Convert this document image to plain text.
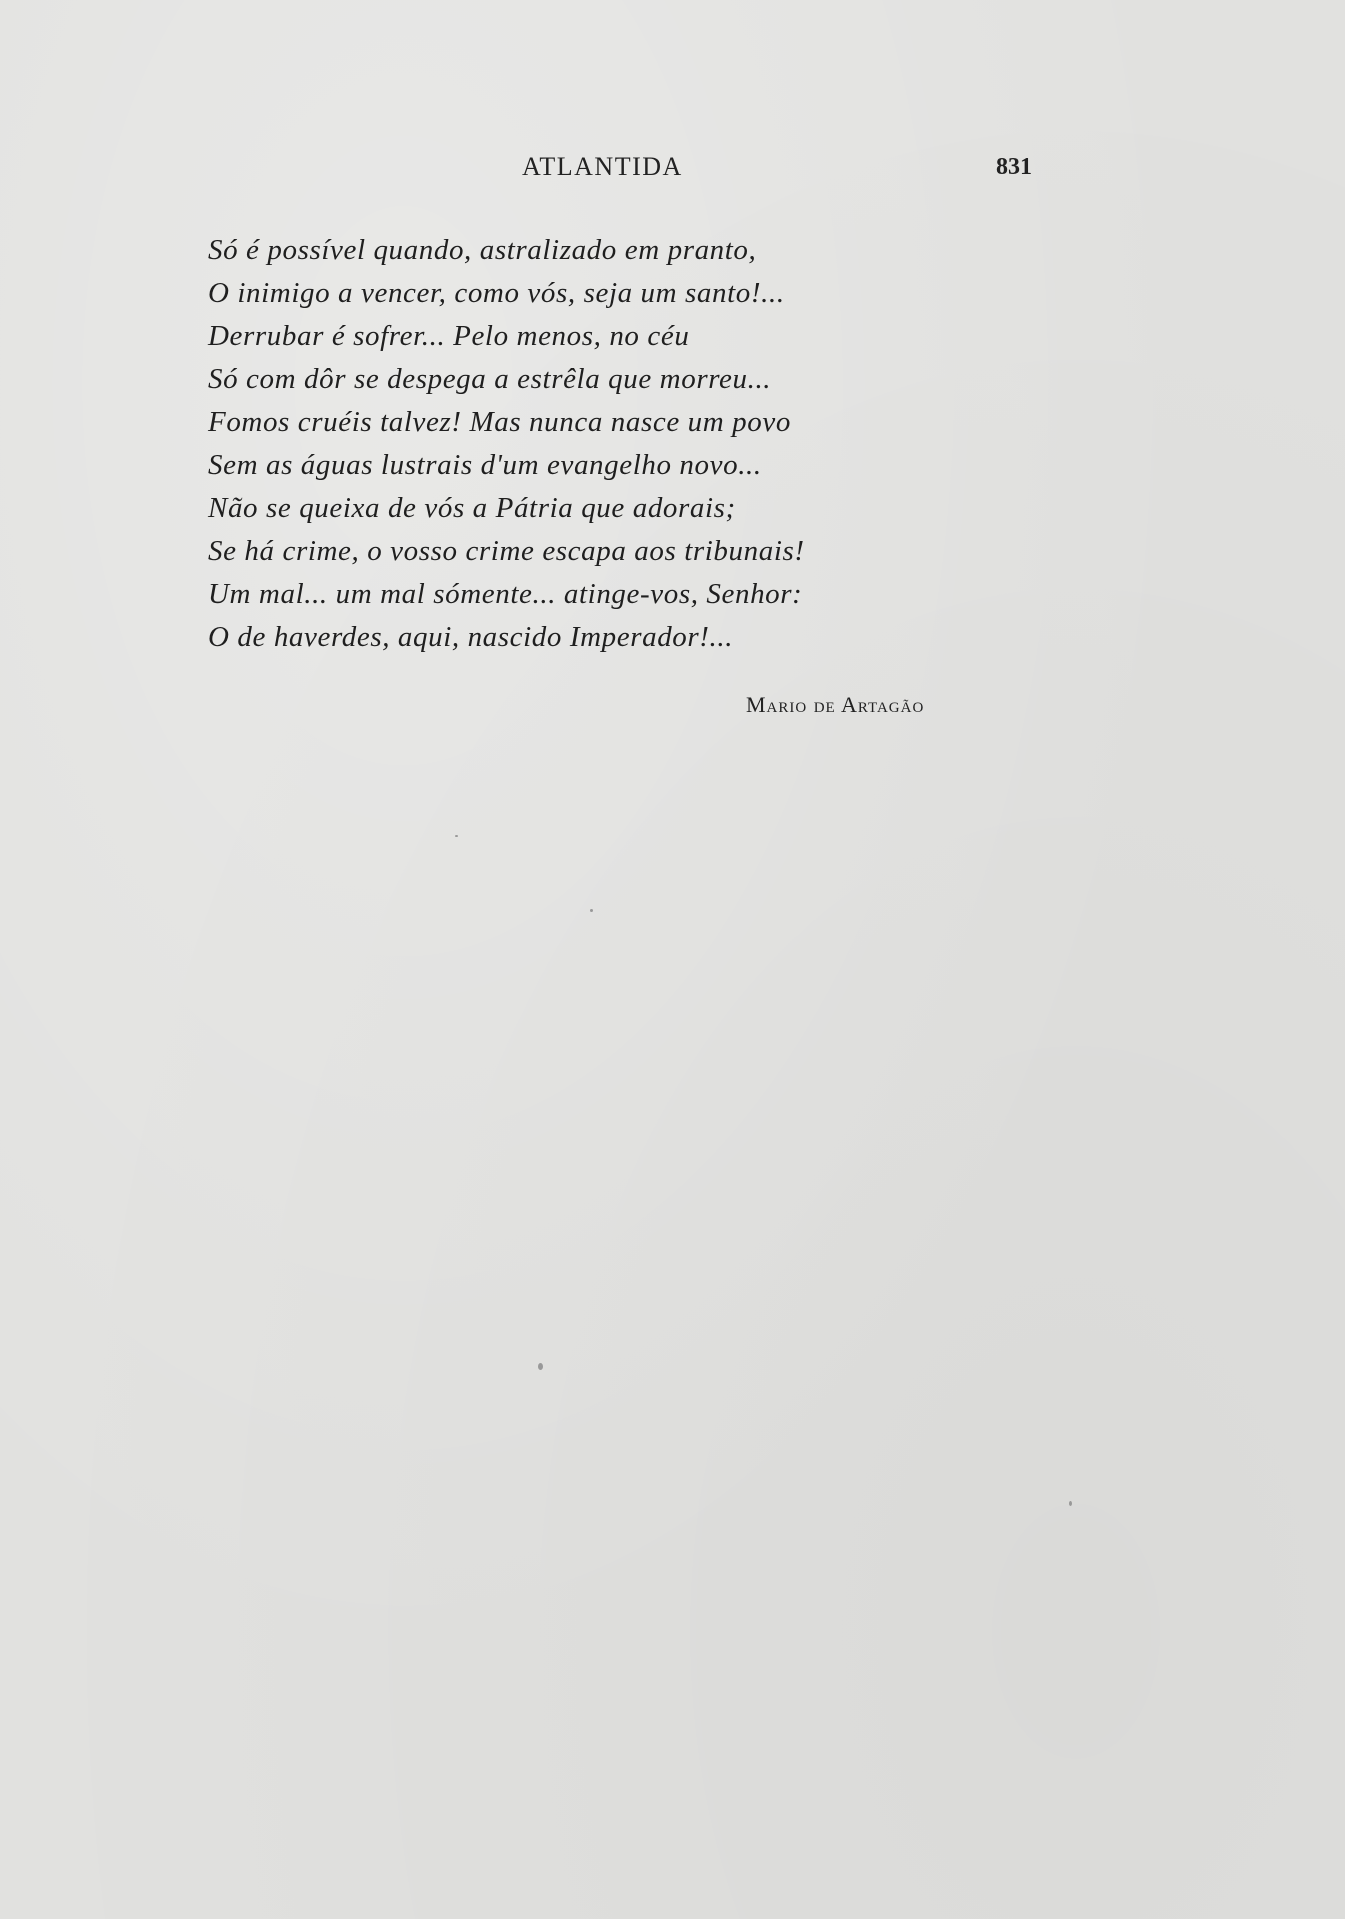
ATLANTIDA	831
Só é possível quando, astralizado em pranto,
O inimigo a vencer, como vós, seja um santo!...
Derrubar é sofrer... Pelo menos, no céu
Só com dôr se despega a estrêla que morreu...
Fomos cruéis talvez! Mas nunca nasce um povo
Sem as águas lustrais d'um evangelho novo...
Não se queixa de vós a Pátria que adorais;
Se há crime, o vosso crime escapa aos tribunais!
Um mal... um mal sómente... atinge-vos, Senhor:
O de haverdes, aqui, nascido Imperador!...
Mario de Artagão
